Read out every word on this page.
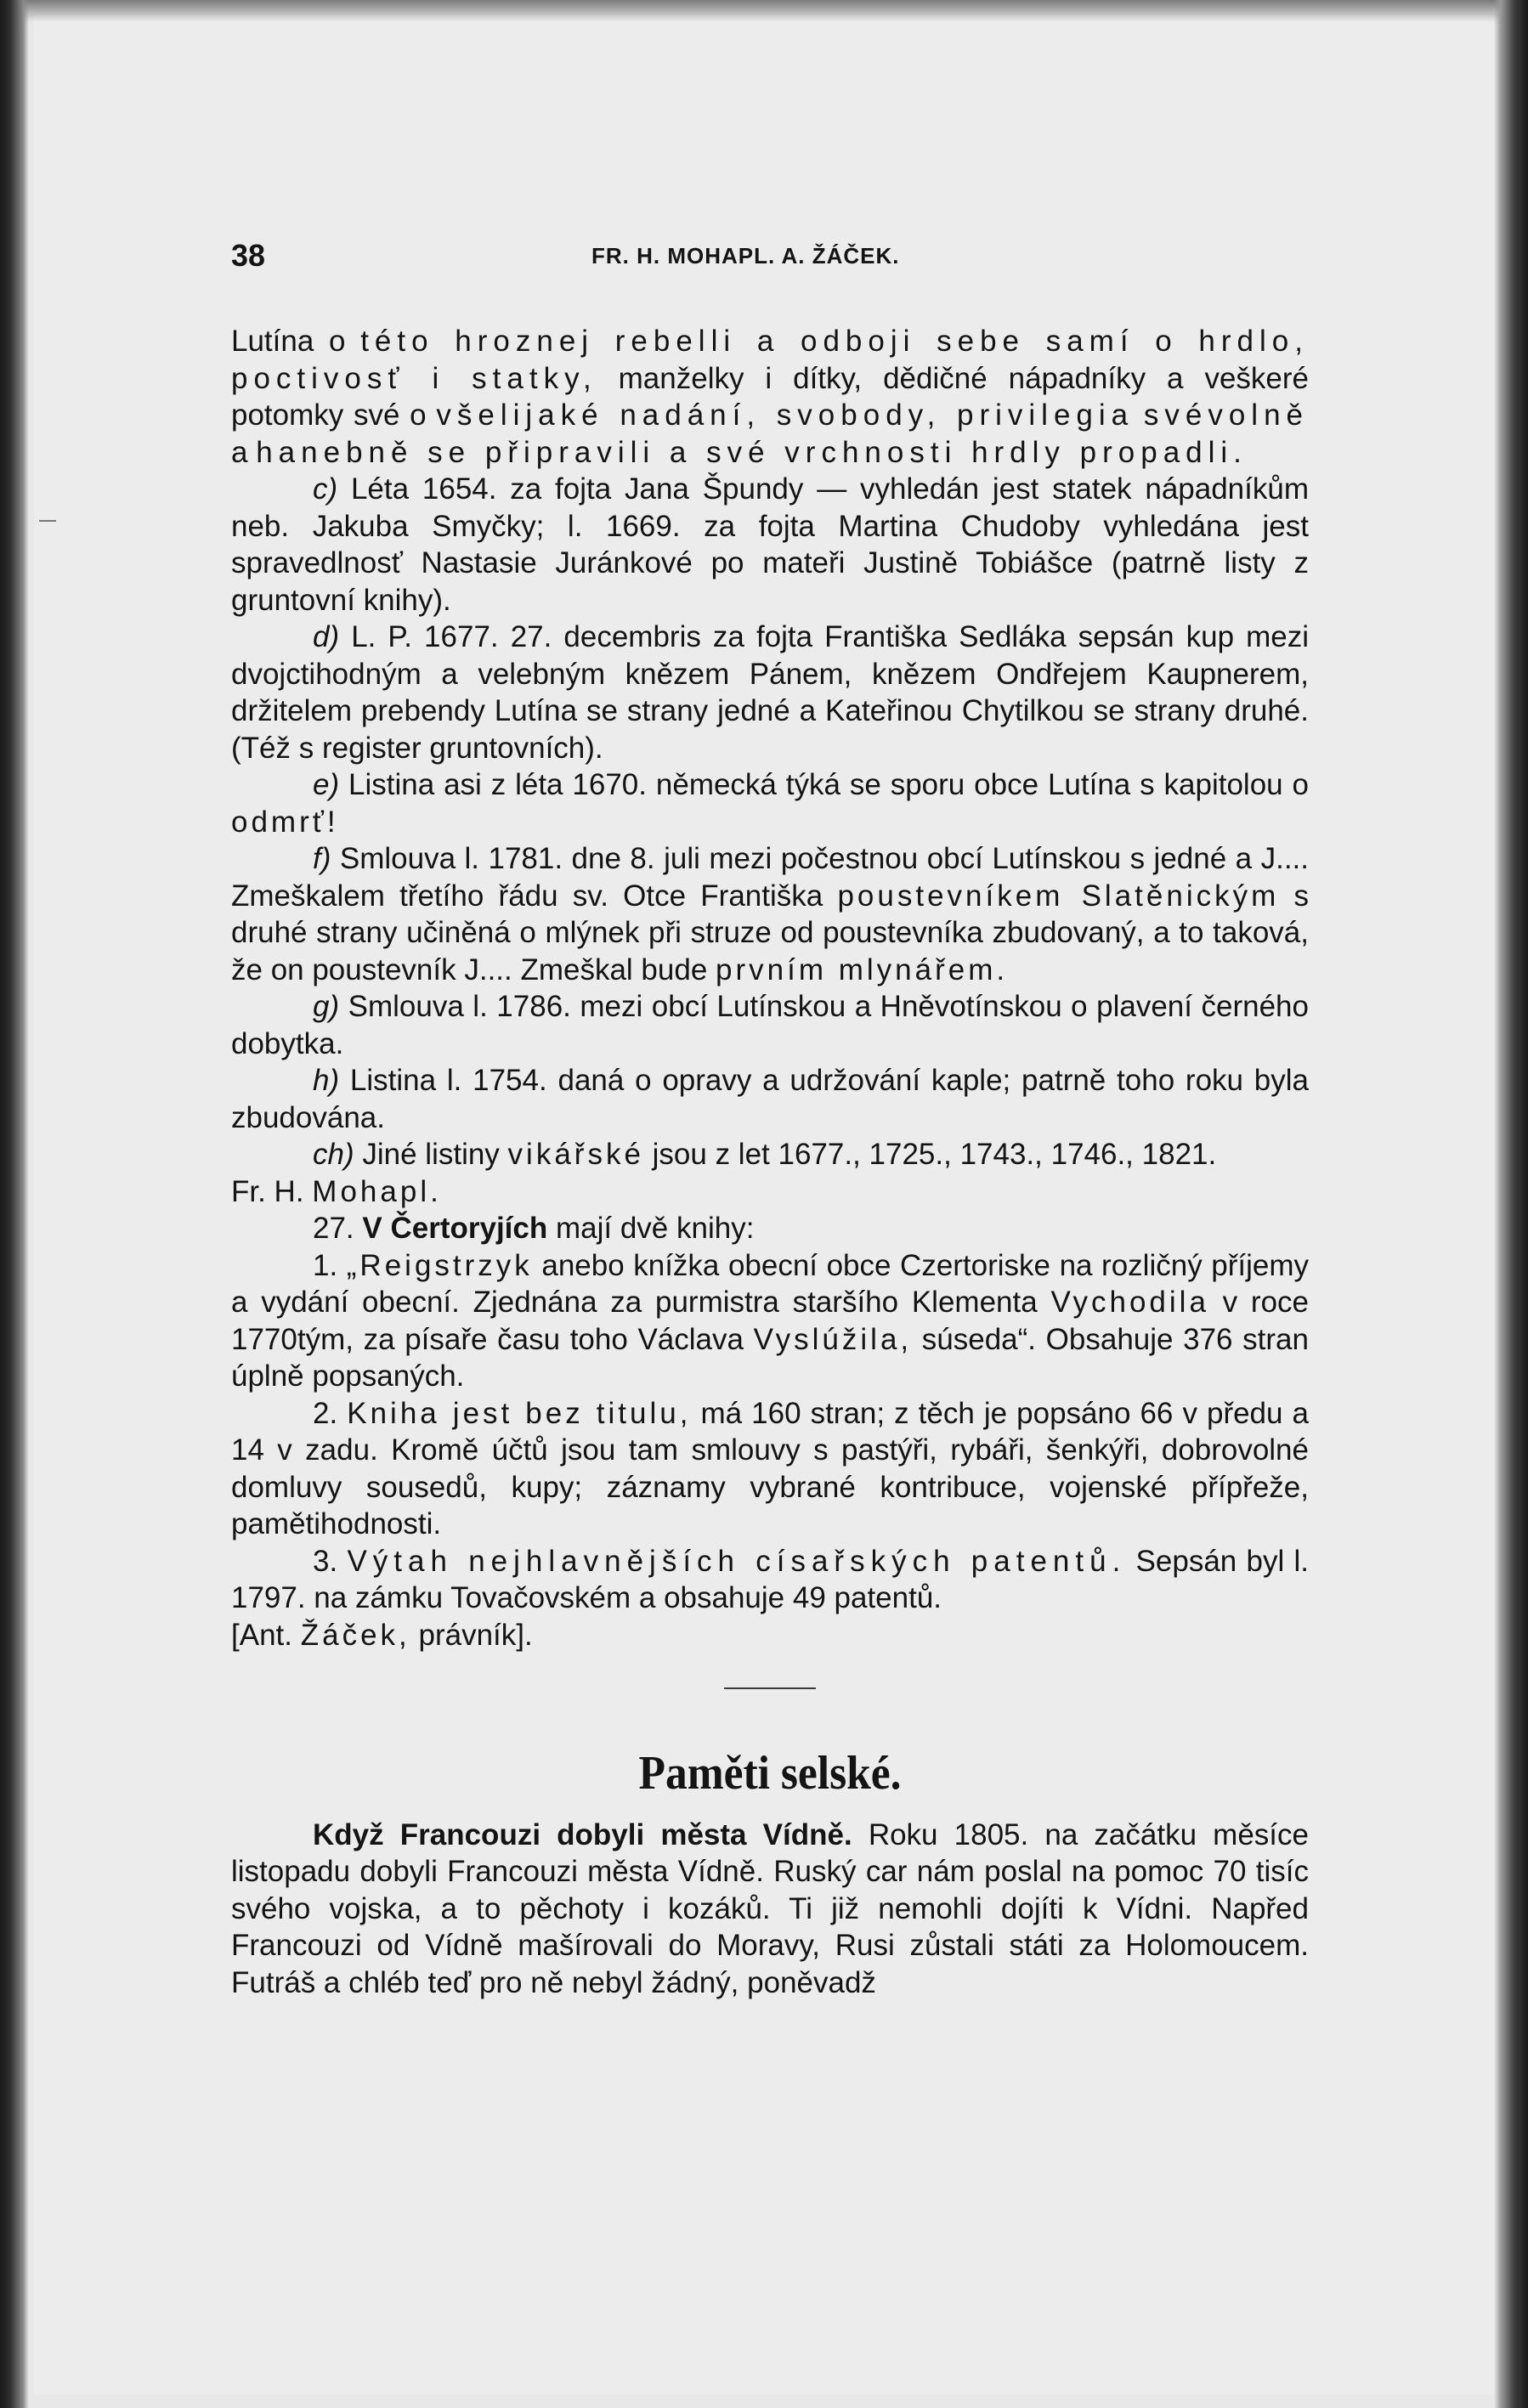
38	FR. H. MOHAPL. A. ŽÁČEK.

Lutína o této hroznej rebelli a odboji sebe samí o hrdlo, poctivosť i statky, manželky i dítky, dědičné nápadníky a veškeré potomky své o všelijaké nadání, svobody, privilegia svévolně a hanebně se připravili a své vrchnosti hrdly propadli.

c) Léta 1654. za fojta Jana Špundy — vyhledán jest statek nápadníkům neb. Jakuba Smyčky; l. 1669. za fojta Martina Chudoby vyhledána jest spravedlnosť Nastasie Juránkové po mateři Justině Tobiášce (patrně listy z gruntovní knihy).

d) L. P. 1677. 27. decembris za fojta Františka Sedláka sepsán kup mezi dvojctihodným a velebným knězem Pánem, knězem Ondřejem Kaupnerem, držitelem prebendy Lutína se strany jedné a Kateřinou Chytilkou se strany druhé. (Též s register gruntovních).

e) Listina asi z léta 1670. německá týká se sporu obce Lutína s kapitolou o odmrť!

f) Smlouva l. 1781. dne 8. juli mezi počestnou obcí Lutínskou s jedné a J.... Zmeškalem třetího řádu sv. Otce Františka poustevníkem Slatěnickým s druhé strany učiněná o mlýnek při struze od poustevníka zbudovaný, a to taková, že on poustevník J.... Zmeškal bude prvním mlynářem.

g) Smlouva l. 1786. mezi obcí Lutínskou a Hněvotínskou o plavení černého dobytka.

h) Listina l. 1754. daná o opravy a udržování kaple; patrně toho roku byla zbudována.

ch) Jiné listiny vikářské jsou z let 1677., 1725., 1743., 1746., 1821.

Fr. H. Mohapl.

27. V Čertoryjích mají dvě knihy:

1. „Reigstrzyk anebo knížka obecní obce Czertoriske na rozličný příjemy a vydání obecní. Zjednána za purmistra staršího Klementa Vychodila v roce 1770tým, za písaře času toho Václava Vyslúžila, súseda“. Obsahuje 376 stran úplně popsaných.

2. Kniha jest bez titulu, má 160 stran; z těch je popsáno 66 v předu a 14 v zadu. Kromě účtů jsou tam smlouvy s pastýři, rybáři, šenkýři, dobrovolné domluvy sousedů, kupy; záznamy vybrané kontribuce, vojenské přípřeže, pamětihodnosti.

3. Výtah nejhlavnějších císařských patentů. Sepsán byl l. 1797. na zámku Tovačovském a obsahuje 49 patentů.

[Ant. Žáček, právník].

Paměti selské.

Když Francouzi dobyli města Vídně. Roku 1805. na začátku měsíce listopadu dobyli Francouzi města Vídně. Ruský car nám poslal na pomoc 70 tisíc svého vojska, a to pěchoty i kozáků. Ti již nemohli dojíti k Vídni. Napřed Francouzi od Vídně mašírovali do Moravy, Rusi zůstali státi za Holomoucem. Futráš a chléb teď pro ně nebyl žádný, poněvadž
